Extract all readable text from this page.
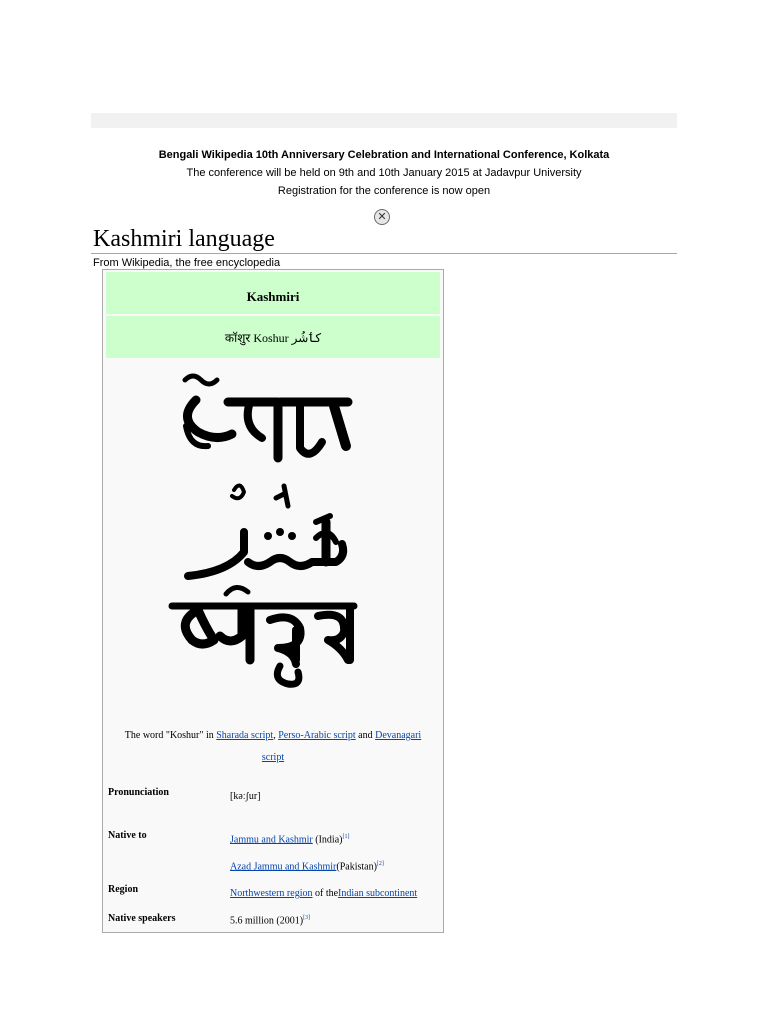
Bengali Wikipedia 10th Anniversary Celebration and International Conference, Kolkata
The conference will be held on 9th and 10th January 2015 at Jadavpur University
Registration for the conference is now open
✕
Kashmiri language
From Wikipedia, the free encyclopedia
Kashmiri
कॉशुर Koshur کٲشُر
The word "Koshur" in Sharada script, Perso-Arabic script and Devanagari script
Pronunciation	[kəːʃur]
Native to	Jammu and Kashmir (India)[1]
Azad Jammu and Kashmir(Pakistan)[2]
Region	Northwestern region of theIndian subcontinent
Native speakers	5.6 million (2001)[3]
